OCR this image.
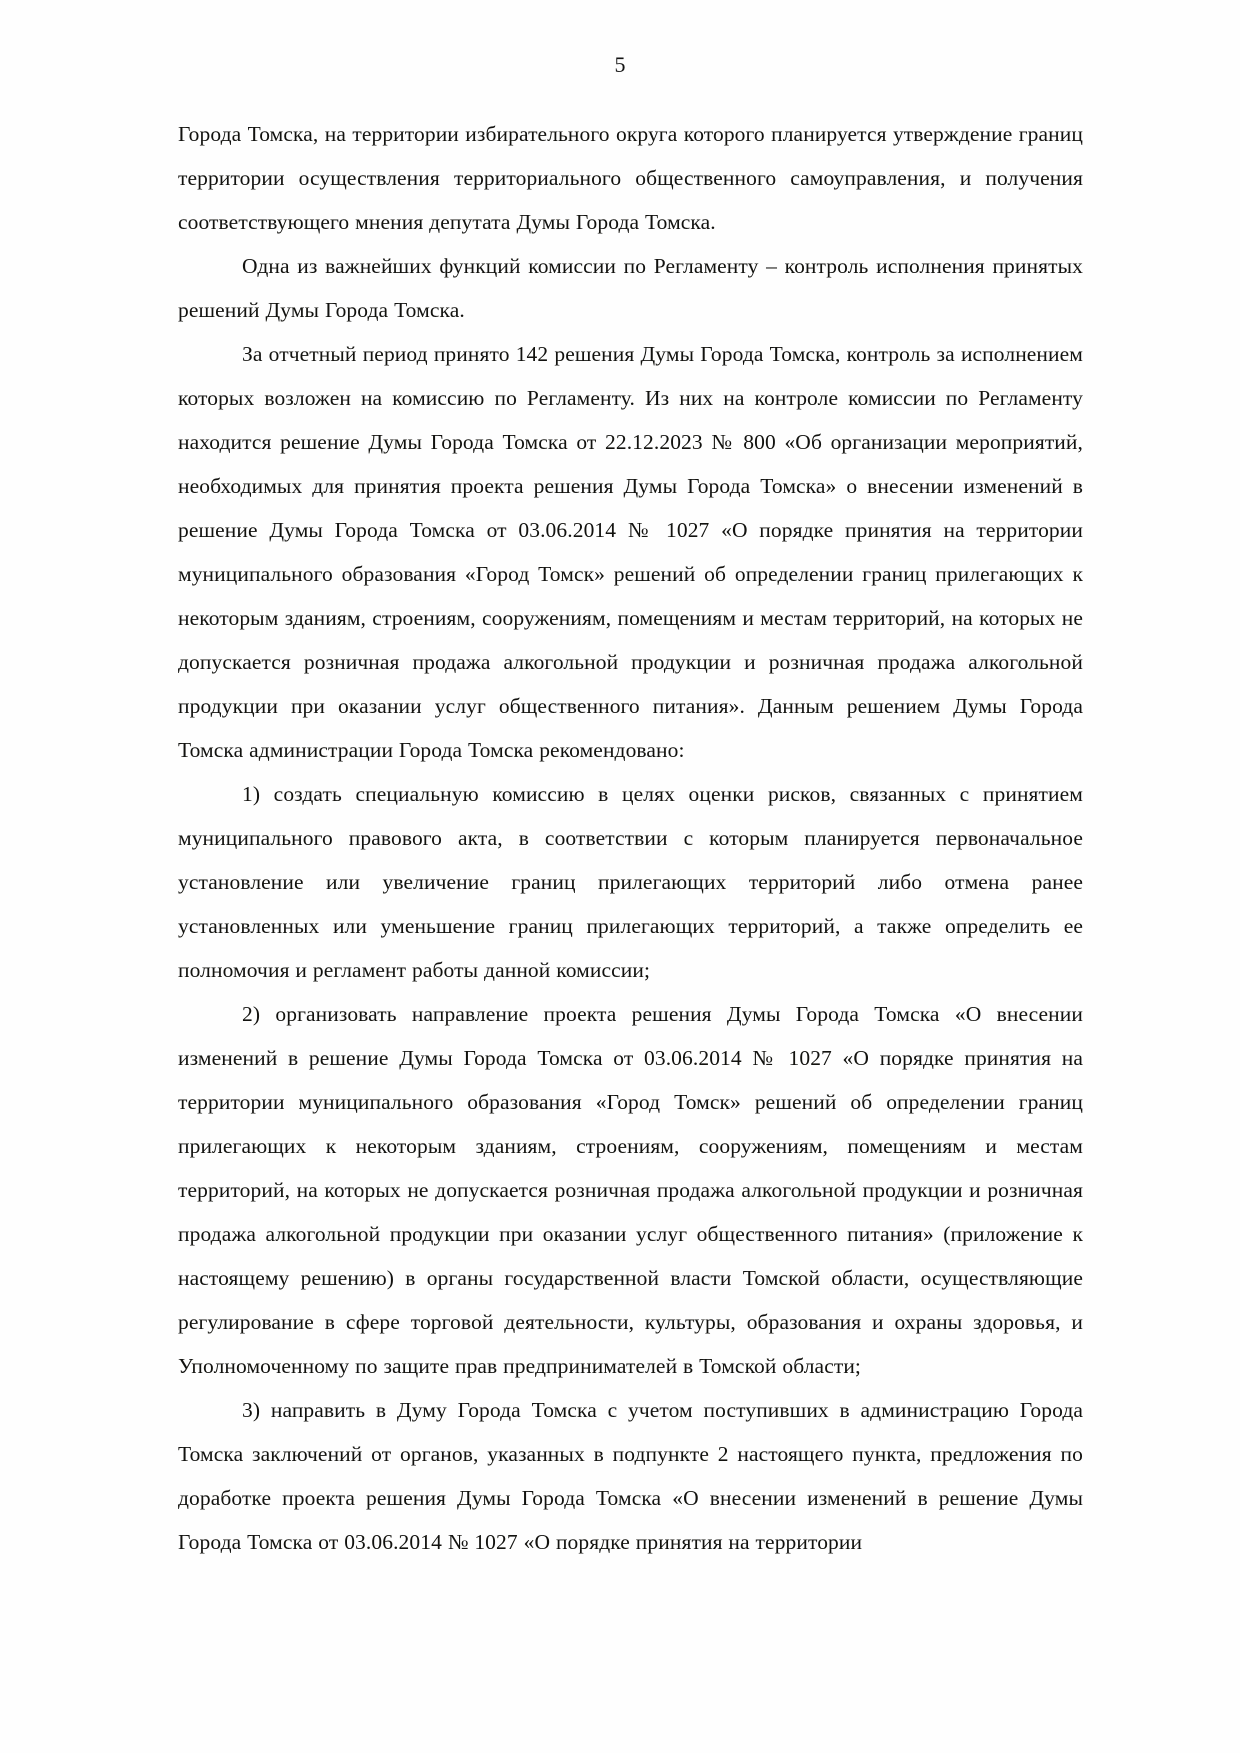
5

Города Томска, на территории избирательного округа которого планируется утверждение границ территории осуществления территориального общественного самоуправления, и получения соответствующего мнения депутата Думы Города Томска.

Одна из важнейших функций комиссии по Регламенту – контроль исполнения принятых решений Думы Города Томска.

За отчетный период принято 142 решения Думы Города Томска, контроль за исполнением которых возложен на комиссию по Регламенту. Из них на контроле комиссии по Регламенту находится решение Думы Города Томска от 22.12.2023 № 800 «Об организации мероприятий, необходимых для принятия проекта решения Думы Города Томска» о внесении изменений в решение Думы Города Томска от 03.06.2014 № 1027 «О порядке принятия на территории муниципального образования «Город Томск» решений об определении границ прилегающих к некоторым зданиям, строениям, сооружениям, помещениям и местам территорий, на которых не допускается розничная продажа алкогольной продукции и розничная продажа алкогольной продукции при оказании услуг общественного питания». Данным решением Думы Города Томска администрации Города Томска рекомендовано:

1) создать специальную комиссию в целях оценки рисков, связанных с принятием муниципального правового акта, в соответствии с которым планируется первоначальное установление или увеличение границ прилегающих территорий либо отмена ранее установленных или уменьшение границ прилегающих территорий, а также определить ее полномочия и регламент работы данной комиссии;

2) организовать направление проекта решения Думы Города Томска «О внесении изменений в решение Думы Города Томска от 03.06.2014 № 1027 «О порядке принятия на территории муниципального образования «Город Томск» решений об определении границ прилегающих к некоторым зданиям, строениям, сооружениям, помещениям и местам территорий, на которых не допускается розничная продажа алкогольной продукции и розничная продажа алкогольной продукции при оказании услуг общественного питания» (приложение к настоящему решению) в органы государственной власти Томской области, осуществляющие регулирование в сфере торговой деятельности, культуры, образования и охраны здоровья, и Уполномоченному по защите прав предпринимателей в Томской области;

3) направить в Думу Города Томска с учетом поступивших в администрацию Города Томска заключений от органов, указанных в подпункте 2 настоящего пункта, предложения по доработке проекта решения Думы Города Томска «О внесении изменений в решение Думы Города Томска от 03.06.2014 № 1027 «О порядке принятия на территории
